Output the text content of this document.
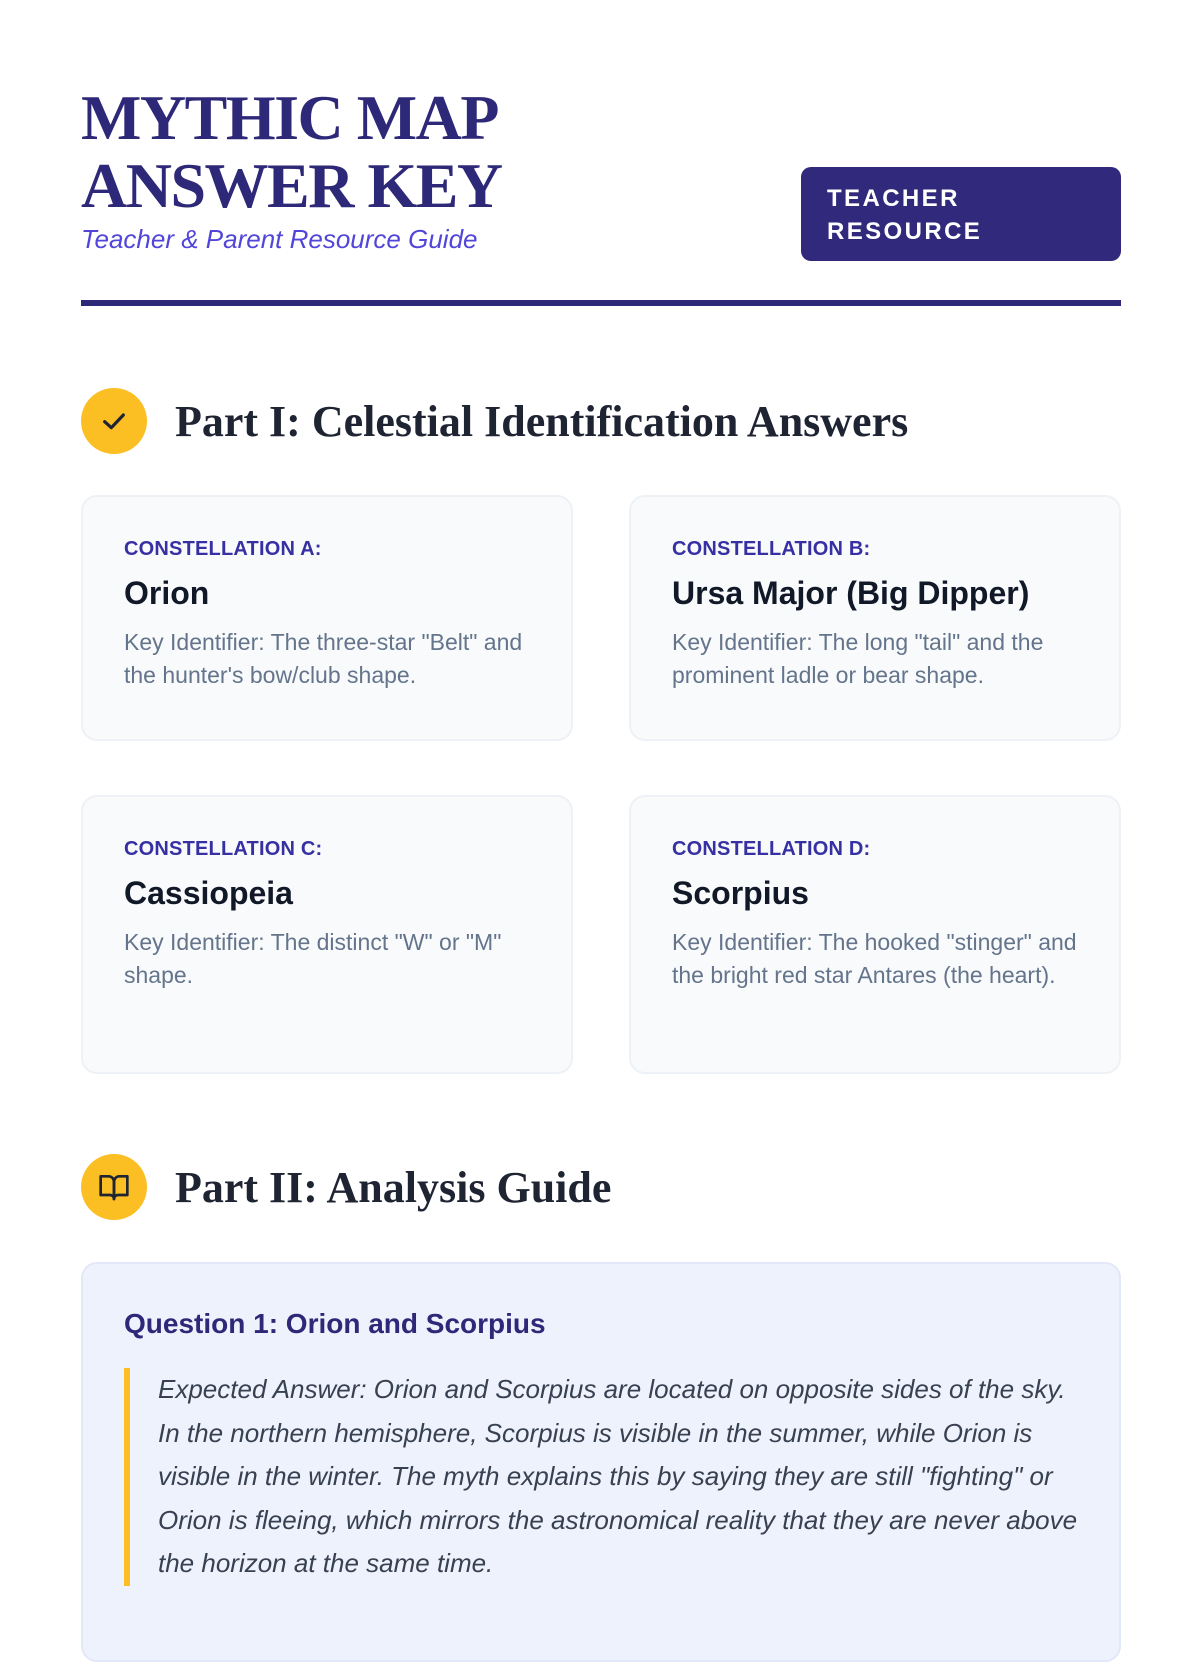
MYTHIC MAP ANSWER KEY
Teacher & Parent Resource Guide
TEACHER RESOURCE
Part I: Celestial Identification Answers
CONSTELLATION A:
Orion
Key Identifier: The three-star "Belt" and the hunter's bow/club shape.
CONSTELLATION B:
Ursa Major (Big Dipper)
Key Identifier: The long "tail" and the prominent ladle or bear shape.
CONSTELLATION C:
Cassiopeia
Key Identifier: The distinct "W" or "M" shape.
CONSTELLATION D:
Scorpius
Key Identifier: The hooked "stinger" and the bright red star Antares (the heart).
Part II: Analysis Guide
Question 1: Orion and Scorpius
Expected Answer: Orion and Scorpius are located on opposite sides of the sky. In the northern hemisphere, Scorpius is visible in the summer, while Orion is visible in the winter. The myth explains this by saying they are still "fighting" or Orion is fleeing, which mirrors the astronomical reality that they are never above the horizon at the same time.
